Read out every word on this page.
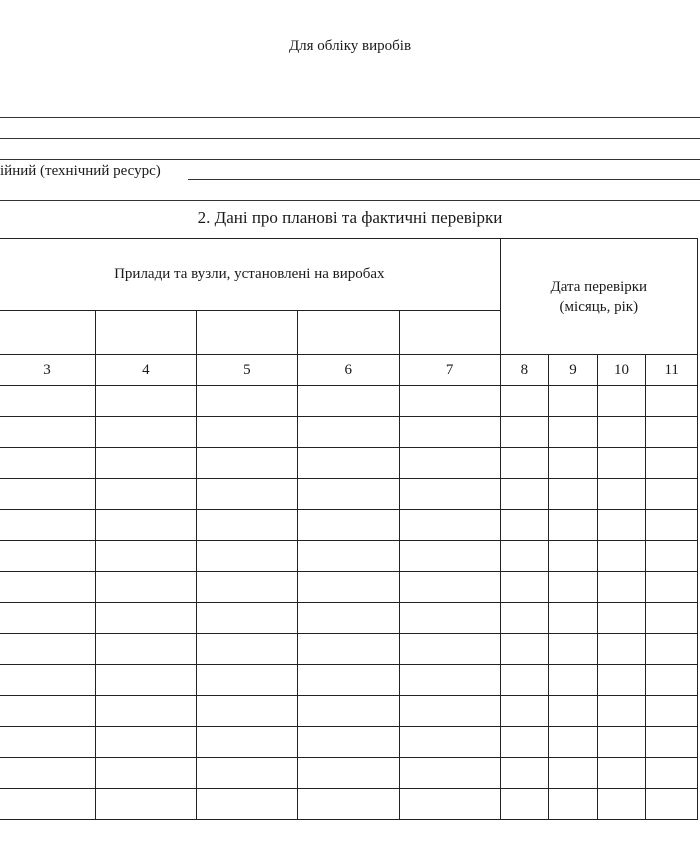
Для обліку виробів
ійний (технічний ресурс)
2. Дані про планові та фактичні перевірки
Прилади та вузли, установлені на виробах					Дата перевірки
(місяць, рік)			

3	4	5	6	7	8	9	10	11
